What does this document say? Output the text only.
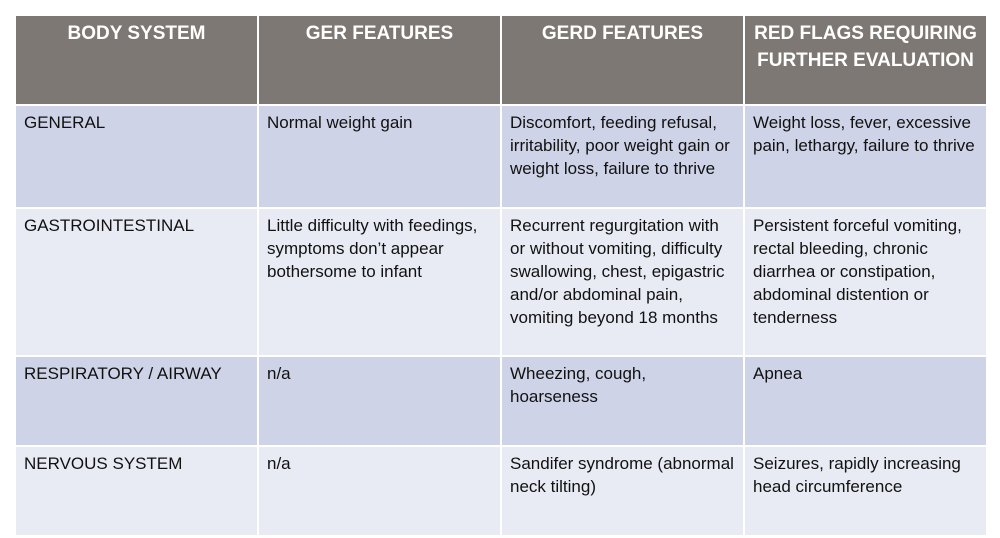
BODY SYSTEM	GER FEATURES	GERD FEATURES	RED FLAGS REQUIRING FURTHER EVALUATION
GENERAL	Normal weight gain	Discomfort, feeding refusal, irritability, poor weight gain or weight loss, failure to thrive	Weight loss, fever, excessive pain, lethargy, failure to thrive
GASTROINTESTINAL	Little difficulty with feedings, symptoms don’t appear bothersome to infant	Recurrent regurgitation with or without vomiting, difficulty swallowing, chest, epigastric and/or abdominal pain, vomiting beyond 18 months	Persistent forceful vomiting, rectal bleeding, chronic diarrhea or constipation, abdominal distention or tenderness
RESPIRATORY / AIRWAY	n/a	Wheezing, cough, hoarseness	Apnea
NERVOUS SYSTEM	n/a	Sandifer syndrome (abnormal neck tilting)	Seizures, rapidly increasing head circumference
